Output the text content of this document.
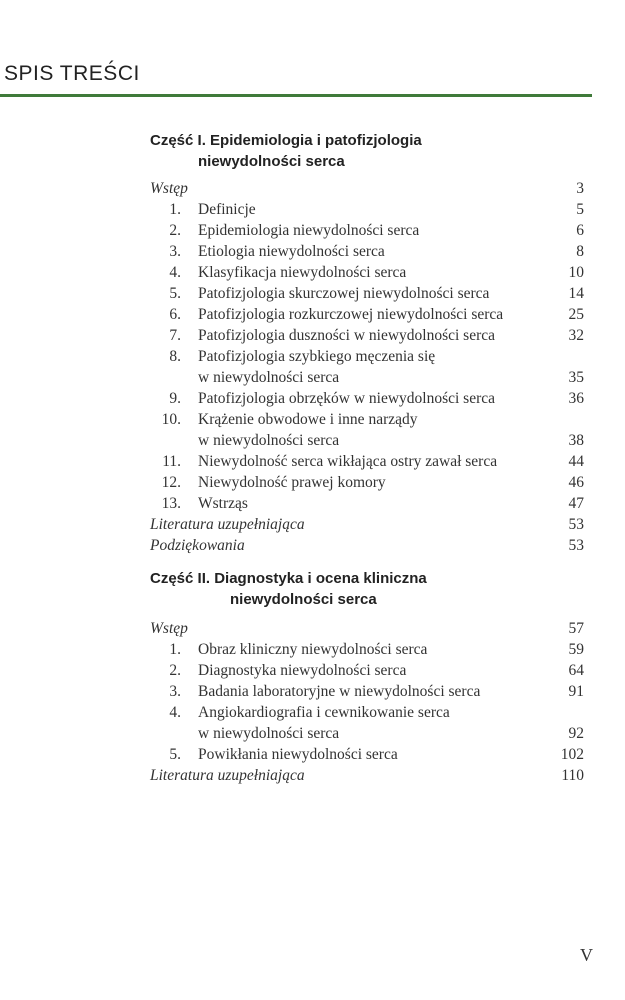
SPIS TREŚCI
Część I. Epidemiologia i patofizjologia
niewydolności serca
Wstęp	3
1. Definicje	5
2. Epidemiologia niewydolności serca	6
3. Etiologia niewydolności serca	8
4. Klasyfikacja niewydolności serca	10
5. Patofizjologia skurczowej niewydolności serca	14
6. Patofizjologia rozkurczowej niewydolności serca	25
7. Patofizjologia duszności w niewydolności serca	32
8. Patofizjologia szybkiego męczenia się
w niewydolności serca	35
9. Patofizjologia obrzęków w niewydolności serca	36
10. Krążenie obwodowe i inne narządy
w niewydolności serca	38
11. Niewydolność serca wikłająca ostry zawał serca	44
12. Niewydolność prawej komory	46
13. Wstrząs	47
Literatura uzupełniająca	53
Podziękowania	53
Część II. Diagnostyka i ocena kliniczna
niewydolności serca
Wstęp	57
1. Obraz kliniczny niewydolności serca	59
2. Diagnostyka niewydolności serca	64
3. Badania laboratoryjne w niewydolności serca	91
4. Angiokardiografia i cewnikowanie serca
w niewydolności serca	92
5. Powikłania niewydolności serca	102
Literatura uzupełniająca	110
V
